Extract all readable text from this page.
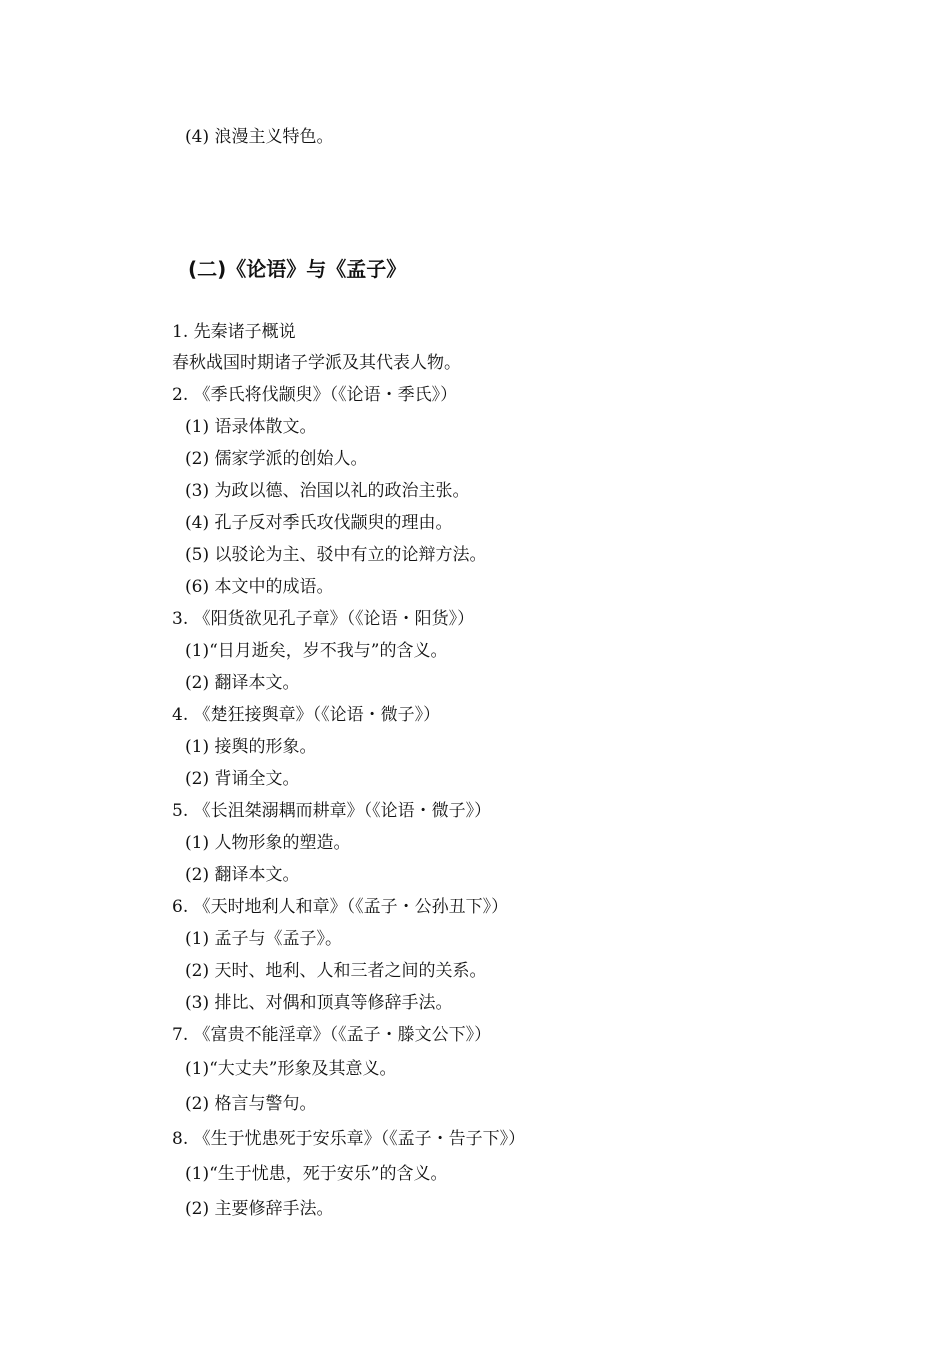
(4) 浪漫主义特色。
(二)《论语》与《孟子》
1. 先秦诸子概说
春秋战国时期诸子学派及其代表人物。
2. 《季氏将伐颛臾》（《论语・季氏》）
(1) 语录体散文。
(2) 儒家学派的创始人。
(3) 为政以德、治国以礼的政治主张。
(4) 孔子反对季氏攻伐颛臾的理由。
(5) 以驳论为主、驳中有立的论辩方法。
(6) 本文中的成语。
3. 《阳货欲见孔子章》（《论语・阳货》）
(1)“日月逝矣，岁不我与”的含义。
(2) 翻译本文。
4. 《楚狂接舆章》（《论语・微子》）
(1) 接舆的形象。
(2) 背诵全文。
5. 《长沮桀溺耦而耕章》（《论语・微子》）
(1) 人物形象的塑造。
(2) 翻译本文。
6. 《天时地利人和章》（《孟子・公孙丑下》）
(1) 孟子与《孟子》。
(2) 天时、地利、人和三者之间的关系。
(3) 排比、对偶和顶真等修辞手法。
7. 《富贵不能淫章》（《孟子・滕文公下》）
(1)“大丈夫”形象及其意义。
(2) 格言与警句。
8. 《生于忧患死于安乐章》（《孟子・告子下》）
(1)“生于忧患，死于安乐”的含义。
(2) 主要修辞手法。
